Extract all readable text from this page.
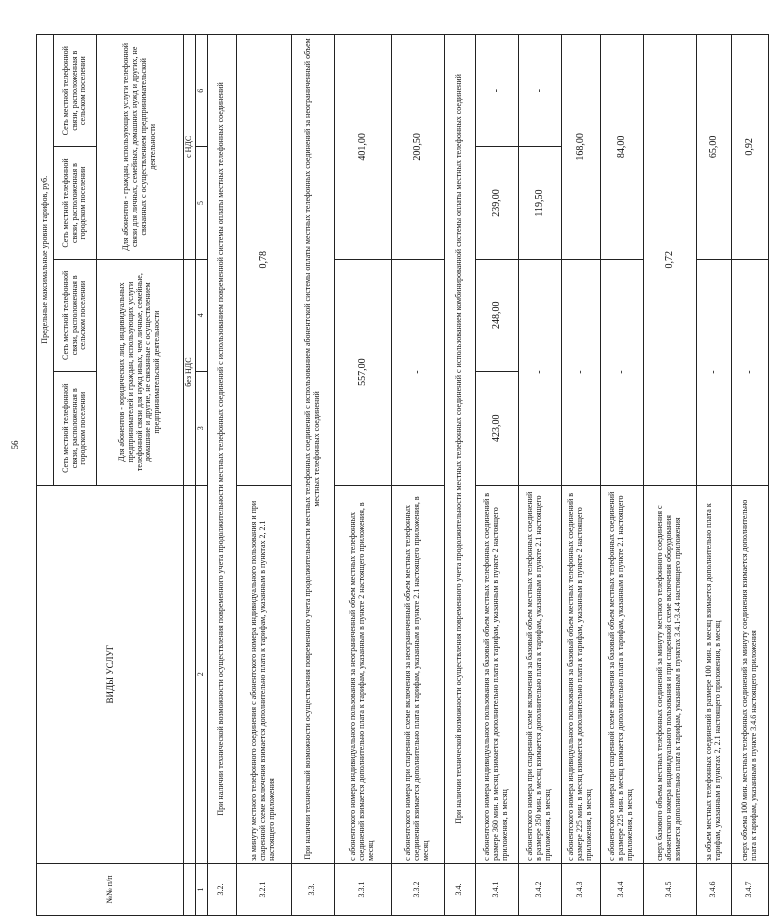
56
№№ п/п	ВИДЫ УСЛУГ	Предельные максимальные уровни тарифов, руб.			
		Сеть местной телефонной связи, расположенная в городском поселении	Сеть местной телефонной связи, расположенная в сельском поселении	Сеть местной телефонной связи, расположенная в городском поселении	Сеть местной телефонной связи, расположенная в сельском поселении
		Для абонентов - юридических лиц, индивидуальных предпринимателей и граждан, использующих услуги телефонной связи для нужд иных, чем личные, семейные, домашние и другие, не связанные с осуществлением предпринимательской деятельности		Для абонентов - граждан, использующих услуги телефонной связи для личных, семейных, домашних нужд и других, не связанных с осуществлением предпринимательской деятельности	
		без НДС		с НДС	
1	2	3	4	5	6
3.2.	При наличии технической возможности осуществления повременного учета продолжительности местных телефонных соединений с использованием повременной системы оплаты местных телефонных соединений				
3.2.1	за минуту местного телефонного соединения с абонентского номера индивидуального пользования и при спаренной схеме включения взимается дополнительно плата к тарифам, указанным в пунктах 2, 2.1 настоящего приложения	0,78			
3.3.	При наличии технической возможности осуществления повременного учета продолжительности местных телефонных соединений с использованием абонентской системы оплаты местных телефонных соединений за неограниченный объем местных телефонных соединений				
3.3.1	с абонентского номера индивидуального пользования за неограниченный объем местных телефонных соединений взимается дополнительно плата к тарифам, указанным в пункте 2 настоящего приложения, в месяц	557,00		401,00	
3.3.2	с абонентского номера при спаренной схеме включения за неограниченный объем местных телефонных соединений взимается дополнительно плата к тарифам, указанным в пункте 2.1 настоящего приложения, в месяц	-		200,50	
3.4.	При наличии технической возможности осуществления повременного учета продолжительности местных телефонных соединений с использованием комбинированной системы оплаты местных телефонных соединений				
3.4.1	с абонентского номера индивидуального пользования за базовый объем местных телефонных соединений в размере 360 мин. в месяц взимается дополнительно плата к тарифам, указанным в пункте 2 настоящего приложения, в месяц	423,00	248,00	239,00	-
3.4.2	с абонентского номера при спаренной схеме включения за базовый объем местных телефонных соединений в размере 350 мин. в месяц взимается дополнительно плата к тарифам, указанным в пункте 2.1 настоящего приложения, в месяц	-		119,50	-
3.4.3	с абонентского номера индивидуального пользования за базовый объем местных телефонных соединений в размере 225 мин. в месяц взимается дополнительно плата к тарифам, указанным в пункте 2 настоящего приложения, в месяц	-		168,00	
3.4.4	с абонентского номера при спаренной схеме включения за базовый объем местных телефонных соединений в размере 225 мин. в месяц взимается дополнительно плата к тарифам, указанным в пункте 2.1 настоящего приложения, в месяц	-		84,00	
3.4.5	сверх базового объема местных телефонных соединений за минуту местного телефонного соединения с абонентского номера индивидуального пользования и при спаренной схеме включения оборудования взимается дополнительно плата к тарифам, указанным в пунктах 3.4.1-3.4.4 настоящего приложения	0,72			
3.4.6	за объем местных телефонных соединений в размере 100 мин. в месяц взимается дополнительно плата к тарифам, указанным в пунктах 2, 2.1 настоящего приложения, в месяц	-		65,00	
3.4.7	сверх объема 100 мин. местных телефонных соединений за минуту соединения взимается дополнительно плата к тарифам, указанным в пункте 3.4.6 настоящего приложения	-		0,92	
